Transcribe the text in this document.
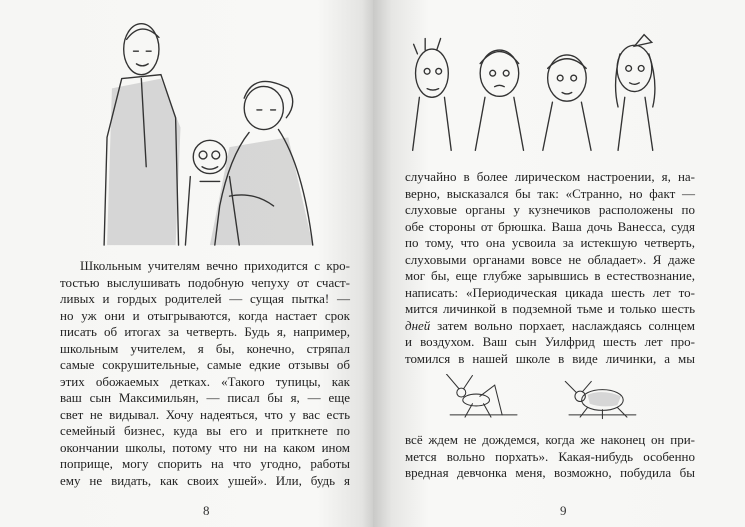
Школьным учителям вечно приходится с кро-
тостью выслушивать подобную чепуху от счаст-
ливых и гордых родителей — сущая пытка! —
но уж они и отыгрываются, когда настает срок
писать об итогах за четверть. Будь я, например,
школьным учителем, я бы, конечно, стряпал
самые сокрушительные, самые едкие отзывы об
этих обожаемых детках. «Такого тупицы, как
ваш сын Максимильян, — писал бы я, — еще
свет не видывал. Хочу надеяться, что у вас есть
семейный бизнес, куда вы его и приткнете по
окончании школы, потому что ни на каком ином
поприще, могу спорить на что угодно, работы
ему не видать, как своих ушей». Или, будь я
8
случайно в более лирическом настроении, я, на-
верно, высказался бы так: «Странно, но факт —
слуховые органы у кузнечиков расположены по
обе стороны от брюшка. Ваша дочь Ванесса, судя
по тому, что она усвоила за истекшую четверть,
слуховыми органами вовсе не обладает». Я даже
мог бы, еще глубже зарывшись в естествознание,
написать: «Периодическая цикада шесть лет то-
мится личинкой в подземной тьме и только шесть
дней затем вольно порхает, наслаждаясь солнцем
и воздухом. Ваш сын Уилфрид шесть лет про-
томился в нашей школе в виде личинки, а мы
всё ждем не дождемся, когда же наконец он при-
мется вольно порхать». Какая-нибудь особенно
вредная девчонка меня, возможно, побудила бы
9
